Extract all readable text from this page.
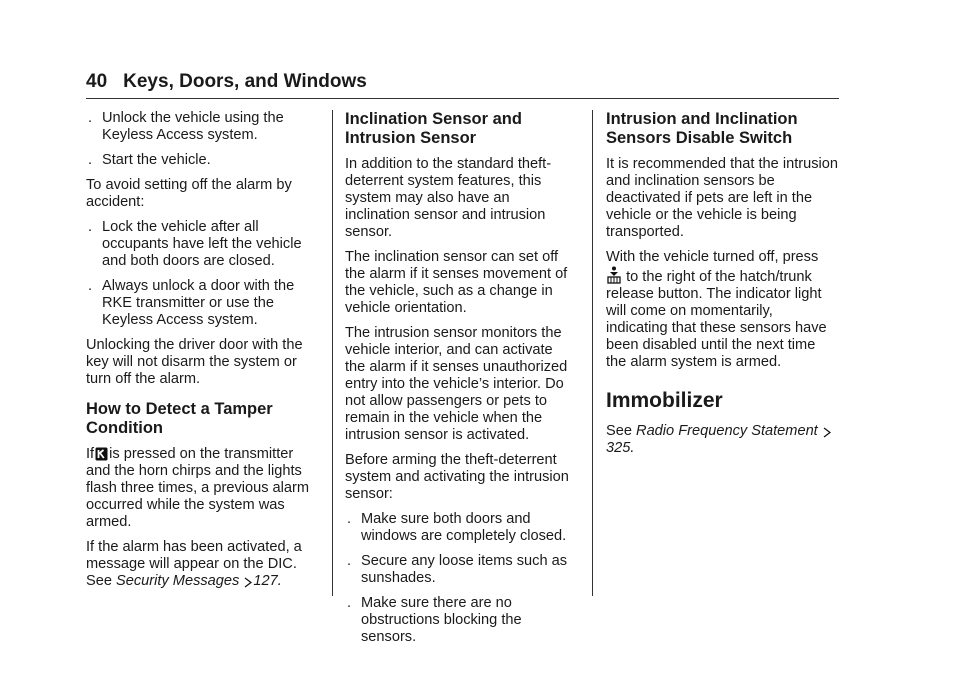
40 Keys, Doors, and Windows
. Unlock the vehicle using the Keyless Access system.
. Start the vehicle.

To avoid setting off the alarm by accident:

. Lock the vehicle after all occupants have left the vehicle and both doors are closed.
. Always unlock a door with the RKE transmitter or use the Keyless Access system.

Unlocking the driver door with the key will not disarm the system or turn off the alarm.

How to Detect a Tamper Condition

If is pressed on the transmitter and the horn chirps and the lights flash three times, a previous alarm occurred while the system was armed.

If the alarm has been activated, a message will appear on the DIC. See Security Messages 127.

Inclination Sensor and Intrusion Sensor

In addition to the standard theft-deterrent system features, this system may also have an inclination sensor and intrusion sensor.

The inclination sensor can set off the alarm if it senses movement of the vehicle, such as a change in vehicle orientation.

The intrusion sensor monitors the vehicle interior, and can activate the alarm if it senses unauthorized entry into the vehicle’s interior. Do not allow passengers or pets to remain in the vehicle when the intrusion sensor is activated.

Before arming the theft-deterrent system and activating the intrusion sensor:

. Make sure both doors and windows are completely closed.
. Secure any loose items such as sunshades.
. Make sure there are no obstructions blocking the sensors.
Intrusion and Inclination Sensors Disable Switch

It is recommended that the intrusion and inclination sensors be deactivated if pets are left in the vehicle or the vehicle is being transported.

With the vehicle turned off, press  to the right of the hatch/trunk release button. The indicator light will come on momentarily, indicating that these sensors have been disabled until the next time the alarm system is armed.

Immobilizer

See Radio Frequency Statement 325.
